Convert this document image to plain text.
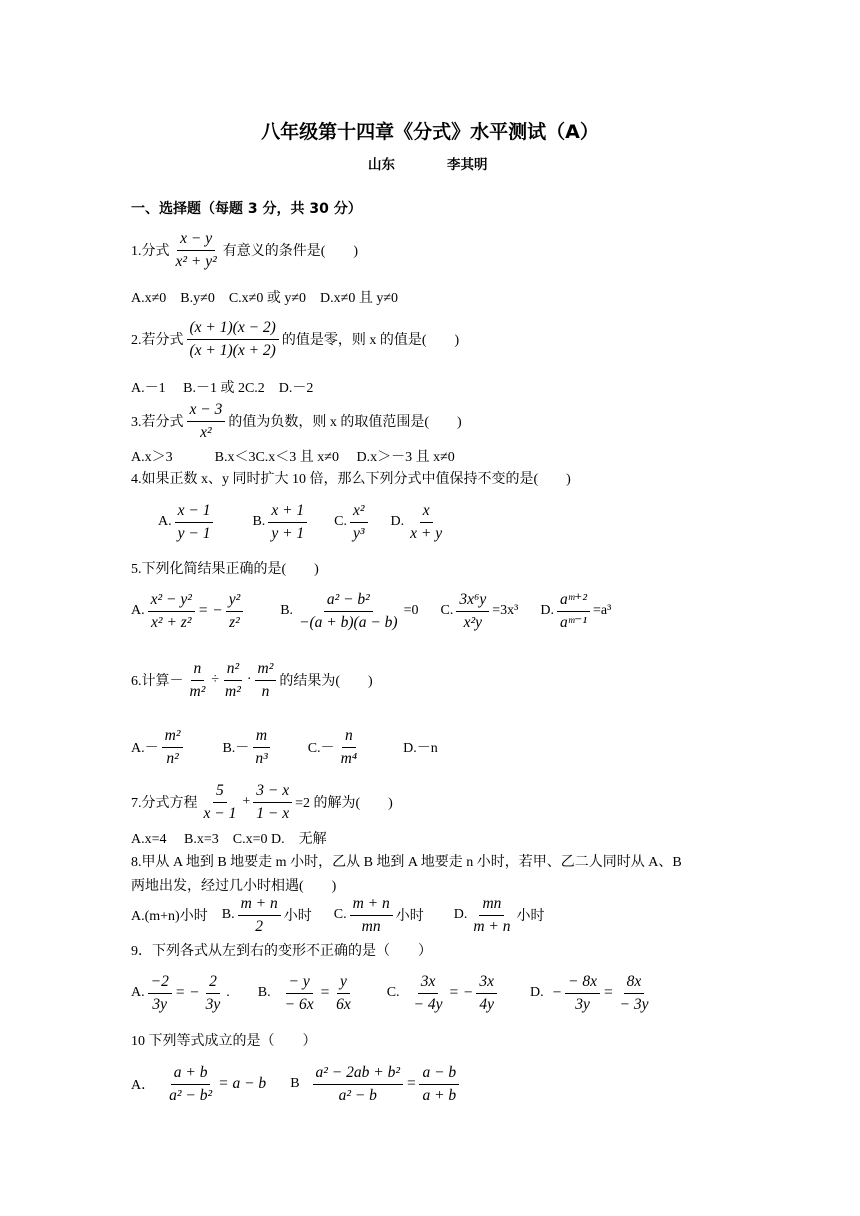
八年级第十四章《分式》水平测试（A）
山东	李其明
一、选择题（每题 3 分，共 30 分）
1.分式 $\frac{x - y}{\text{x² + y²}}$ 有意义的条件是(　　)
A.x≠0　B.y≠0　C.x≠0 或 y≠0　D.x≠0 且 y≠0
2.若分式 $\frac{(x + 1)(x - 2)}{(x + 1)(x + 2)}$ 的值是零，则 x 的值是(　　)
A.－1　 B.－1 或 2C.2　D.－2
3.若分式 $\frac{x - 3}{\text{x²}}$ 的值为负数，则 x 的取值范围是(　　)
A.x＞3　　　B.x＜3C.x＜3 且 x≠0　 D.x＞－3 且 x≠0
4.如果正数 x、y 同时扩大 10 倍，那么下列分式中值保持不变的是(　　)
A. $\frac{x - 1}{y - 1}$	B. $\frac{x + 1}{y + 1} C$. $\frac{\text{x²}}{\text{y³}} D$. $\frac{x}{x + y}$
5.下列化简结果正确的是(　　)
A. $\frac{\text{x² − y²}}{\text{x² + z²}}$ = − $\frac{\text{y²}}{\text{z²}}$	B. $\frac{\text{a² − b²}}{-(a + b)(a - b)} =0$ C. $\frac{\text{3x⁶y}}{\text{x²y}} =3x^3$ D. $\frac{\text{aᵐ⁺²}}{\text{aᵐ⁻¹}} =a^3$
6.计算－ $\frac{n}{\text{m²}} \div \frac{\text{n²}}{\text{m²}} \cdot \frac{\text{m²}}{n}$ 的结果为(　　)
$A.- \frac{\text{m²}}{\text{n²}}$	$B.- \frac{m}{\text{n³}}$	$C.- \frac{n}{\text{m⁴}}$	D.－n
7.分式方程 $\frac{5}{x - 1} + \frac{3 - x}{1 - x} =2$ 的解为(　　)
A.x=4　 B.x=3　C.x=0 D.　无解
8.甲从 A 地到 B 地要走 m 小时，乙从 B 地到 A 地要走 n 小时，若甲、乙二人同时从 A、B
两地出发，经过几小时相遇(　　)
A.(m+n)小时 B. $\frac{m + n}{2}$ 小时 C. $\frac{m + n}{mn}$ 小时 D. $\frac{mn}{m + n}$ 小时
9．下列各式从左到右的变形不正确的是（　　）
A. $\frac{-2}{3y}$ = − $\frac{2}{3y}$ . B. $\frac{- y}{- 6x} = \frac{y}{6x} C$. $\frac{3x}{- 4y}$ = − $\frac{3x}{4y} D$. − $\frac{- 8x}{3y} = \frac{8x}{- 3y}$
10 下列等式成立的是（　　）
A． $\frac{a + b}{\text{a² − b²}} = a - b$ B $\frac{\text{a² − 2ab + b²}}{\text{a² − b}} = \frac{a - b}{a + b}$
